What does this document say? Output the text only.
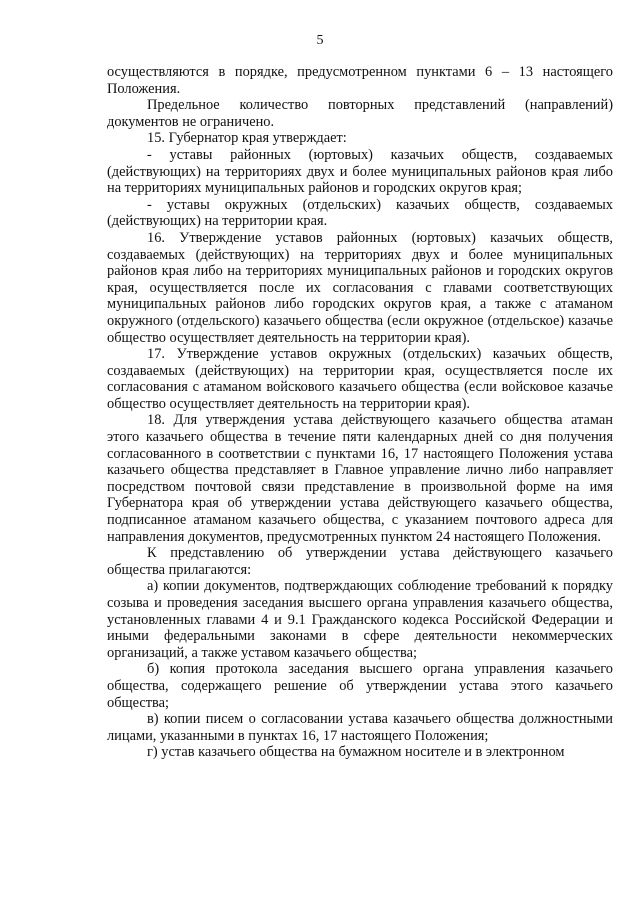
5

осуществляются в порядке, предусмотренном пунктами 6 – 13 настоящего Положения.

Предельное количество повторных представлений (направлений) документов не ограничено.

15. Губернатор края утверждает:

- уставы районных (юртовых) казачьих обществ, создаваемых (действующих) на территориях двух и более муниципальных районов края либо на территориях муниципальных районов и городских округов края;

- уставы окружных (отдельских) казачьих обществ, создаваемых (действующих) на территории края.

16. Утверждение уставов районных (юртовых) казачьих обществ, создаваемых (действующих) на территориях двух и более муниципальных районов края либо на территориях муниципальных районов и городских округов края, осуществляется после их согласования с главами соответствующих муниципальных районов либо городских округов края, а также с атаманом окружного (отдельского) казачьего общества (если окружное (отдельское) казачье общество осуществляет деятельность на территории края).

17. Утверждение уставов окружных (отдельских) казачьих обществ, создаваемых (действующих) на территории края, осуществляется после их согласования с атаманом войскового казачьего общества (если войсковое казачье общество осуществляет деятельность на территории края).

18. Для утверждения устава действующего казачьего общества атаман этого казачьего общества в течение пяти календарных дней со дня получения согласованного в соответствии с пунктами 16, 17 настоящего Положения устава казачьего общества представляет в Главное управление лично либо направляет посредством почтовой связи представление в произвольной форме на имя Губернатора края об утверждении устава действующего казачьего общества, подписанное атаманом казачьего общества, с указанием почтового адреса для направления документов, предусмотренных пунктом 24 настоящего Положения.

К представлению об утверждении устава действующего казачьего общества прилагаются:

а) копии документов, подтверждающих соблюдение требований к порядку созыва и проведения заседания высшего органа управления казачьего общества, установленных главами 4 и 9.1 Гражданского кодекса Российской Федерации и иными федеральными законами в сфере деятельности некоммерческих организаций, а также уставом казачьего общества;

б) копия протокола заседания высшего органа управления казачьего общества, содержащего решение об утверждении устава этого казачьего общества;

в) копии писем о согласовании устава казачьего общества должностными лицами, указанными в пунктах 16, 17 настоящего Положения;

г) устав казачьего общества на бумажном носителе и в электронном
